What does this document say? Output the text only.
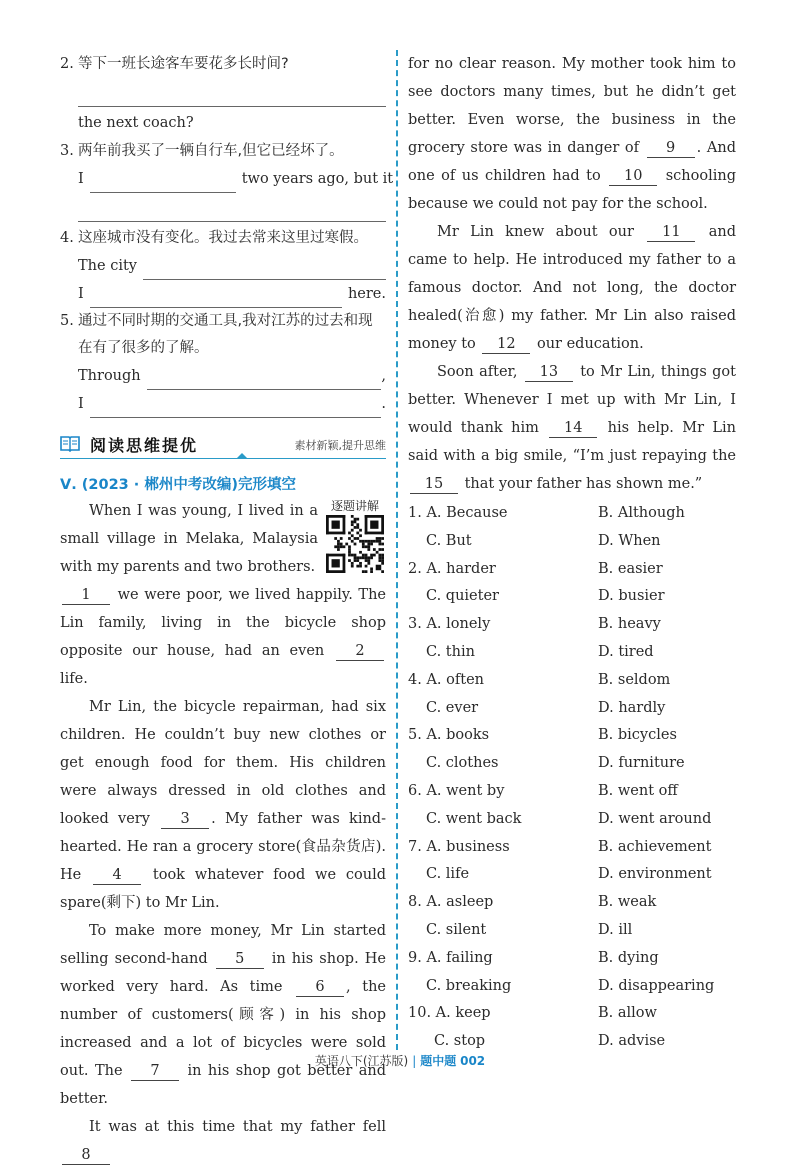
2. 等下一班长途客车要花多长时间?
the next coach?
3. 两年前我买了一辆自行车,但它已经坏了。
I	two years ago, but it
4. 这座城市没有变化。我过去常来这里过寒假。
The city
I	here.
5. 通过不同时期的交通工具,我对江苏的过去和现在有了很多的了解。
Through	,
I	.
阅读思维提优	素材新颖,提升思维
Ⅴ. (2023 · 郴州中考改编)完形填空
逐题讲解

When I was young, I lived in a small village in Melaka, Malaysia with my parents and two brothers.

1 we were poor, we lived happily. The Lin family, living in the bicycle shop opposite our house, had an even 2 life.

Mr Lin, the bicycle repairman, had six children. He couldn’t buy new clothes or get enough food for them. His children were always dressed in old clothes and looked very 3 . My father was kind-hearted. He ran a grocery store(食品杂货店). He 4 took whatever food we could spare(剩下) to Mr Lin.

To make more money, Mr Lin started selling second-hand 5 in his shop. He worked very hard. As time 6 , the number of customers(顾客) in his shop increased and a lot of bicycles were sold out. The 7 in his shop got better and better.

It was at this time that my father fell 8

for no clear reason. My mother took him to see doctors many times, but he didn’t get better. Even worse, the business in the grocery store was in danger of 9 . And one of us children had to 10 schooling because we could not pay for the school.

Mr Lin knew about our 11 and came to help. He introduced my father to a famous doctor. And not long, the doctor healed(治愈) my father. Mr Lin also raised money to 12 our education.

Soon after, 13 to Mr Lin, things got better. Whenever I met up with Mr Lin, I would thank him 14 his help. Mr Lin said with a big smile, “I’m just repaying the 15 that your father has shown me.”

1. A. Because	B. Although
C. But	D. When
2. A. harder	B. easier
C. quieter	D. busier
3. A. lonely	B. heavy
C. thin	D. tired
4. A. often	B. seldom
C. ever	D. hardly
5. A. books	B. bicycles
C. clothes	D. furniture
6. A. went by	B. went off
C. went back	D. went around
7. A. business	B. achievement
C. life	D. environment
8. A. asleep	B. weak
C. silent	D. ill
9. A. failing	B. dying
C. breaking	D. disappearing
10. A. keep	B. allow
C. stop	D. advise
英语八下(江苏版) | 题中题 002
